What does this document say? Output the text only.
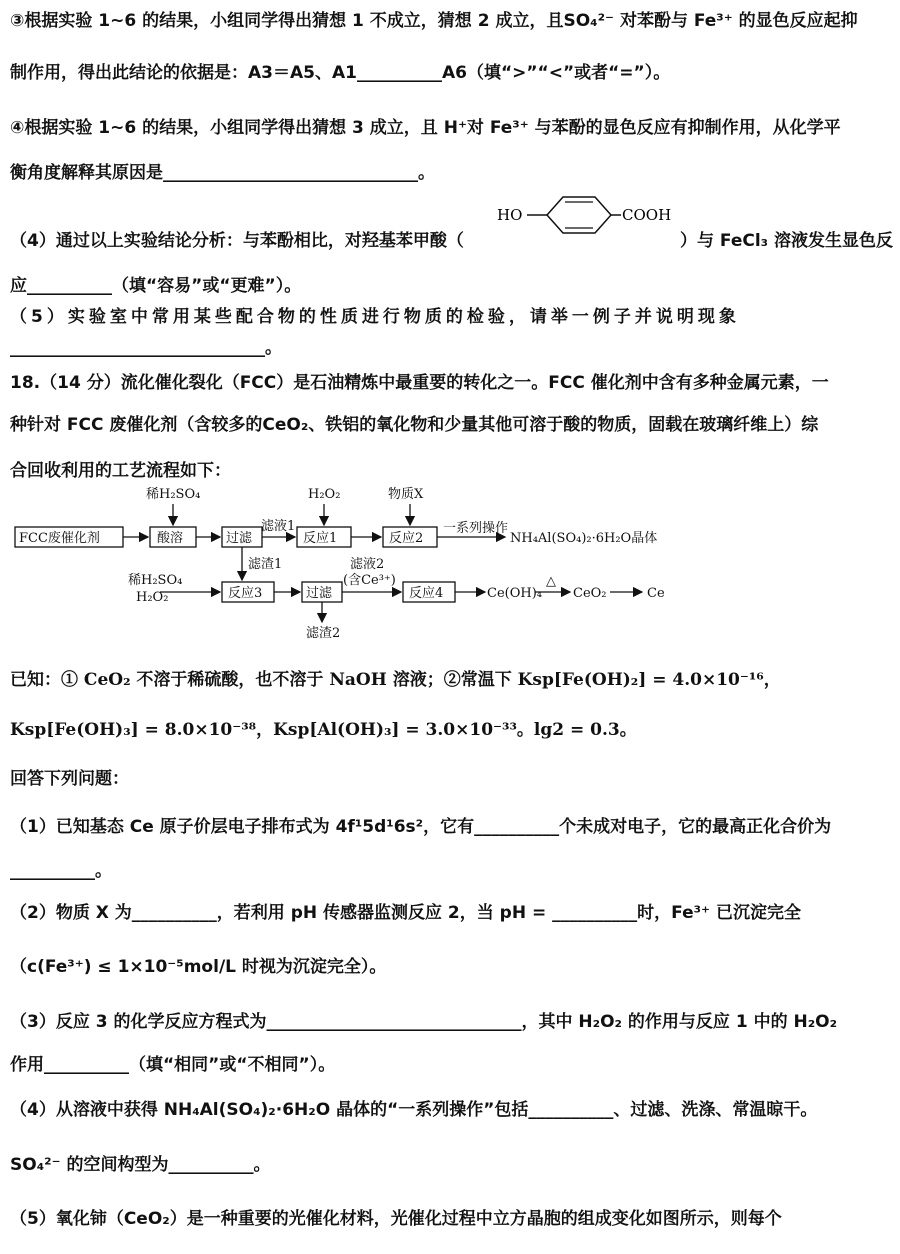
③根据实验 1~6 的结果，小组同学得出猜想 1 不成立，猜想 2 成立，且SO₄²⁻ 对苯酚与 Fe³⁺ 的显色反应起抑
制作用，得出此结论的依据是：A3＝A5、A1__________A6（填“>”“<”或者“=”）。
④根据实验 1~6 的结果，小组同学得出猜想 3 成立，且 H⁺对 Fe³⁺ 与苯酚的显色反应有抑制作用，从化学平
衡角度解释其原因是______________________________。
（4）通过以上实验结论分析：与苯酚相比，对羟基苯甲酸（
HO	COOH
）与 FeCl₃ 溶液发生显色反
应__________（填“容易”或“更难”）。
（5）实验室中常用某些配合物的性质进行物质的检验，请举一例子并说明现象
______________________________。
18.（14 分）流化催化裂化（FCC）是石油精炼中最重要的转化之一。FCC 催化剂中含有多种金属元素，一
种针对 FCC 废催化剂（含较多的CeO₂、铁铝的氧化物和少量其他可溶于酸的物质，固载在玻璃纤维上）综
合回收利用的工艺流程如下：
FCC废催化剂	酸溶	过滤	反应1	反应2
反应3	过滤	反应4
稀H₂SO₄	H₂O₂	物质X
稀H₂SO₄
H₂O₂
滤液1
滤渣1	滤液2
(含Ce³⁺)
滤渣2
一系列操作
NH₄Al(SO₄)₂·6H₂O晶体
Ce(OH)₄
△
CeO₂	Ce
已知：① CeO₂ 不溶于稀硫酸，也不溶于 NaOH 溶液；②常温下 Ksp[Fe(OH)₂] = 4.0×10⁻¹⁶，
Ksp[Fe(OH)₃] = 8.0×10⁻³⁸，Ksp[Al(OH)₃] = 3.0×10⁻³³。lg2 = 0.3。
回答下列问题：
（1）已知基态 Ce 原子价层电子排布式为 4f¹5d¹6s²，它有__________个未成对电子，它的最高正化合价为
__________。
（2）物质 X 为__________，若利用 pH 传感器监测反应 2，当 pH = __________时，Fe³⁺ 已沉淀完全
（c(Fe³⁺) ≤ 1×10⁻⁵mol/L 时视为沉淀完全）。
（3）反应 3 的化学反应方程式为______________________________，其中 H₂O₂ 的作用与反应 1 中的 H₂O₂
作用__________（填“相同”或“不相同”）。
（4）从溶液中获得 NH₄Al(SO₄)₂·6H₂O 晶体的“一系列操作”包括__________、过滤、洗涤、常温晾干。
SO₄²⁻ 的空间构型为__________。
（5）氧化铈（CeO₂）是一种重要的光催化材料，光催化过程中立方晶胞的组成变化如图所示，则每个
